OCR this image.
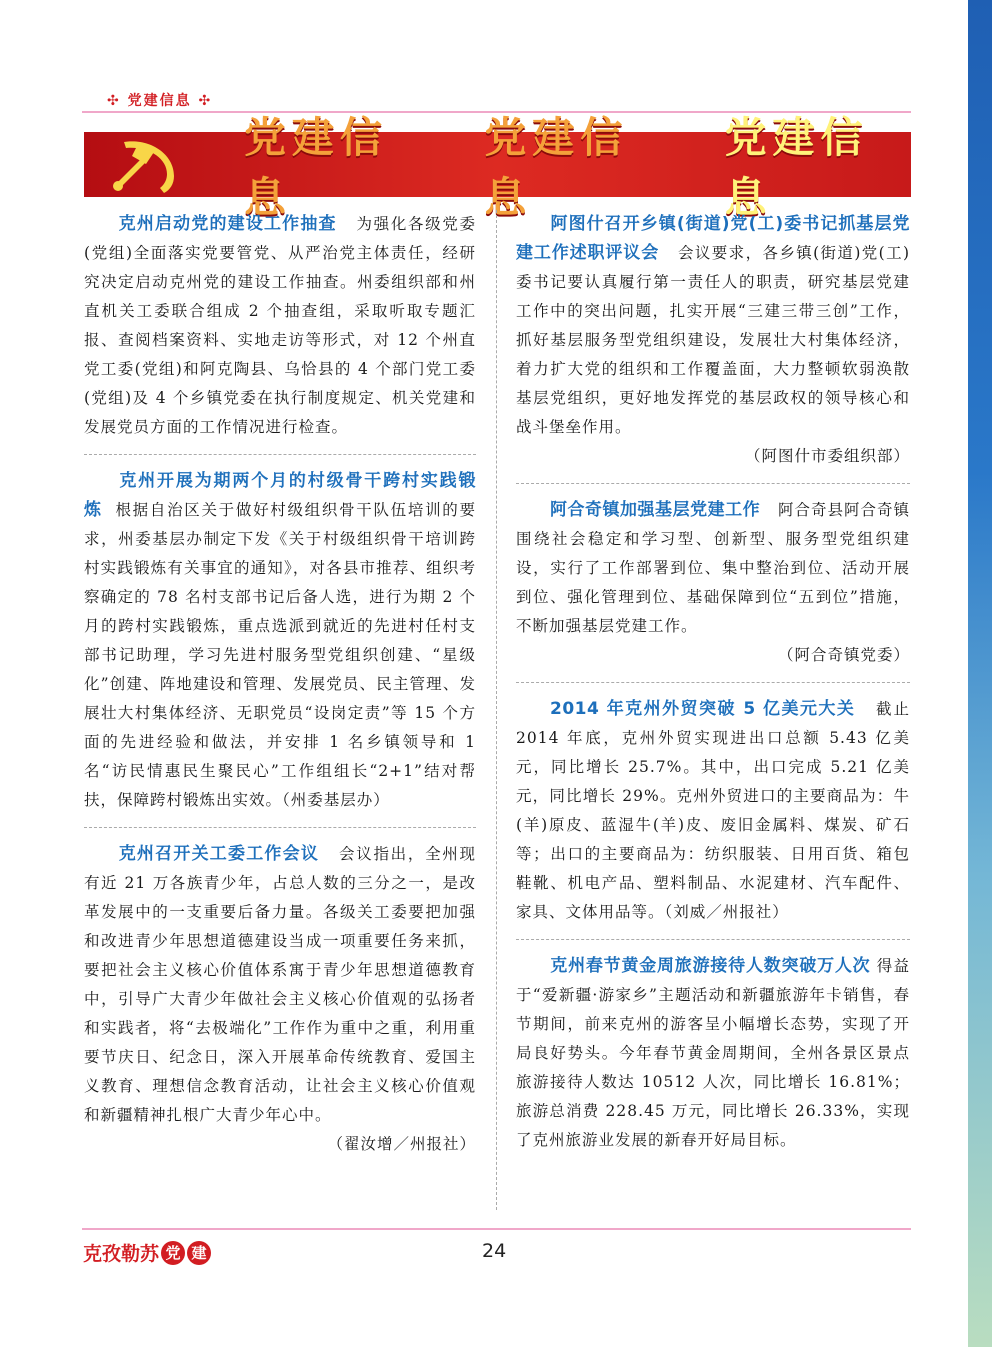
✣ 党建信息 ✣
党建信息
党建信息
党建信息
克州启动党的建设工作抽查 为强化各级党委(党组)全面落实党要管党、从严治党主体责任，经研究决定启动克州党的建设工作抽查。州委组织部和州直机关工委联合组成 2 个抽查组，采取听取专题汇报、查阅档案资料、实地走访等形式，对 12 个州直党工委(党组)和阿克陶县、乌恰县的 4 个部门党工委(党组)及 4 个乡镇党委在执行制度规定、机关党建和发展党员方面的工作情况进行检查。
克州开展为期两个月的村级骨干跨村实践锻炼 根据自治区关于做好村级组织骨干队伍培训的要求，州委基层办制定下发《关于村级组织骨干培训跨村实践锻炼有关事宜的通知》，对各县市推荐、组织考察确定的 78 名村支部书记后备人选，进行为期 2 个月的跨村实践锻炼，重点选派到就近的先进村任村支部书记助理，学习先进村服务型党组织创建、“星级化”创建、阵地建设和管理、发展党员、民主管理、发展壮大村集体经济、无职党员“设岗定责”等 15 个方面的先进经验和做法，并安排 1 名乡镇领导和 1 名“访民情惠民生聚民心”工作组组长“2+1”结对帮扶，保障跨村锻炼出实效。（州委基层办）
克州召开关工委工作会议 会议指出，全州现有近 21 万各族青少年，占总人数的三分之一，是改革发展中的一支重要后备力量。各级关工委要把加强和改进青少年思想道德建设当成一项重要任务来抓，要把社会主义核心价值体系寓于青少年思想道德教育中，引导广大青少年做社会主义核心价值观的弘扬者和实践者，将“去极端化”工作作为重中之重，利用重要节庆日、纪念日，深入开展革命传统教育、爱国主义教育、理想信念教育活动，让社会主义核心价值观和新疆精神扎根广大青少年心中。
（翟汝增／州报社）
阿图什召开乡镇(街道)党(工)委书记抓基层党建工作述职评议会 会议要求，各乡镇(街道)党(工)委书记要认真履行第一责任人的职责，研究基层党建工作中的突出问题，扎实开展“三建三带三创”工作，抓好基层服务型党组织建设，发展壮大村集体经济，着力扩大党的组织和工作覆盖面，大力整顿软弱涣散基层党组织，更好地发挥党的基层政权的领导核心和战斗堡垒作用。
（阿图什市委组织部）
阿合奇镇加强基层党建工作 阿合奇县阿合奇镇围绕社会稳定和学习型、创新型、服务型党组织建设，实行了工作部署到位、集中整治到位、活动开展到位、强化管理到位、基础保障到位“五到位”措施，不断加强基层党建工作。
（阿合奇镇党委）
2014 年克州外贸突破 5 亿美元大关 截止 2014 年底，克州外贸实现进出口总额 5.43 亿美元，同比增长 25.7%。其中，出口完成 5.21 亿美元，同比增长 29%。克州外贸进口的主要商品为：牛(羊)原皮、蓝湿牛(羊)皮、废旧金属料、煤炭、矿石等；出口的主要商品为：纺织服装、日用百货、箱包鞋靴、机电产品、塑料制品、水泥建材、汽车配件、家具、文体用品等。（刘威／州报社）
克州春节黄金周旅游接待人数突破万人次 得益于“爱新疆·游家乡”主题活动和新疆旅游年卡销售，春节期间，前来克州的游客呈小幅增长态势，实现了开局良好势头。今年春节黄金周期间，全州各景区景点旅游接待人数达 10512 人次，同比增长 16.81%；旅游总消费 228.45 万元，同比增长 26.33%，实现了克州旅游业发展的新春开好局目标。
克孜勒苏 党 建	24
